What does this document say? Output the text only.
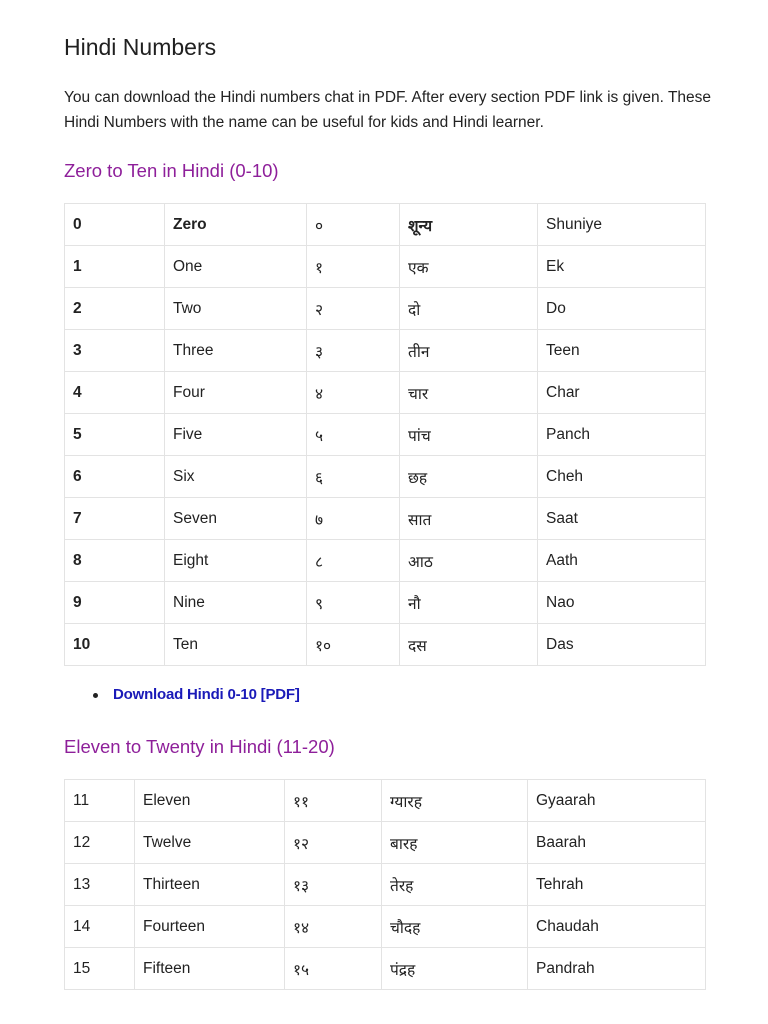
Hindi Numbers

You can download the Hindi numbers chat in PDF. After every section PDF link is given. These Hindi Numbers with the name can be useful for kids and Hindi learner.

Zero to Ten in Hindi (0-10)
0	Zero	०	शून्य	Shuniye
1	One	१	एक	Ek
2	Two	२	दो	Do
3	Three	३	तीन	Teen
4	Four	४	चार	Char
5	Five	५	पांच	Panch
6	Six	६	छह	Cheh
7	Seven	७	सात	Saat
8	Eight	८	आठ	Aath
9	Nine	९	नौ	Nao
10	Ten	१०	दस	Das
Download Hindi 0-10 [PDF]
Eleven to Twenty in Hindi (11-20)
11	Eleven	११	ग्यारह	Gyaarah
12	Twelve	१२	बारह	Baarah
13	Thirteen	१३	तेरह	Tehrah
14	Fourteen	१४	चौदह	Chaudah
15	Fifteen	१५	पंद्रह	Pandrah
